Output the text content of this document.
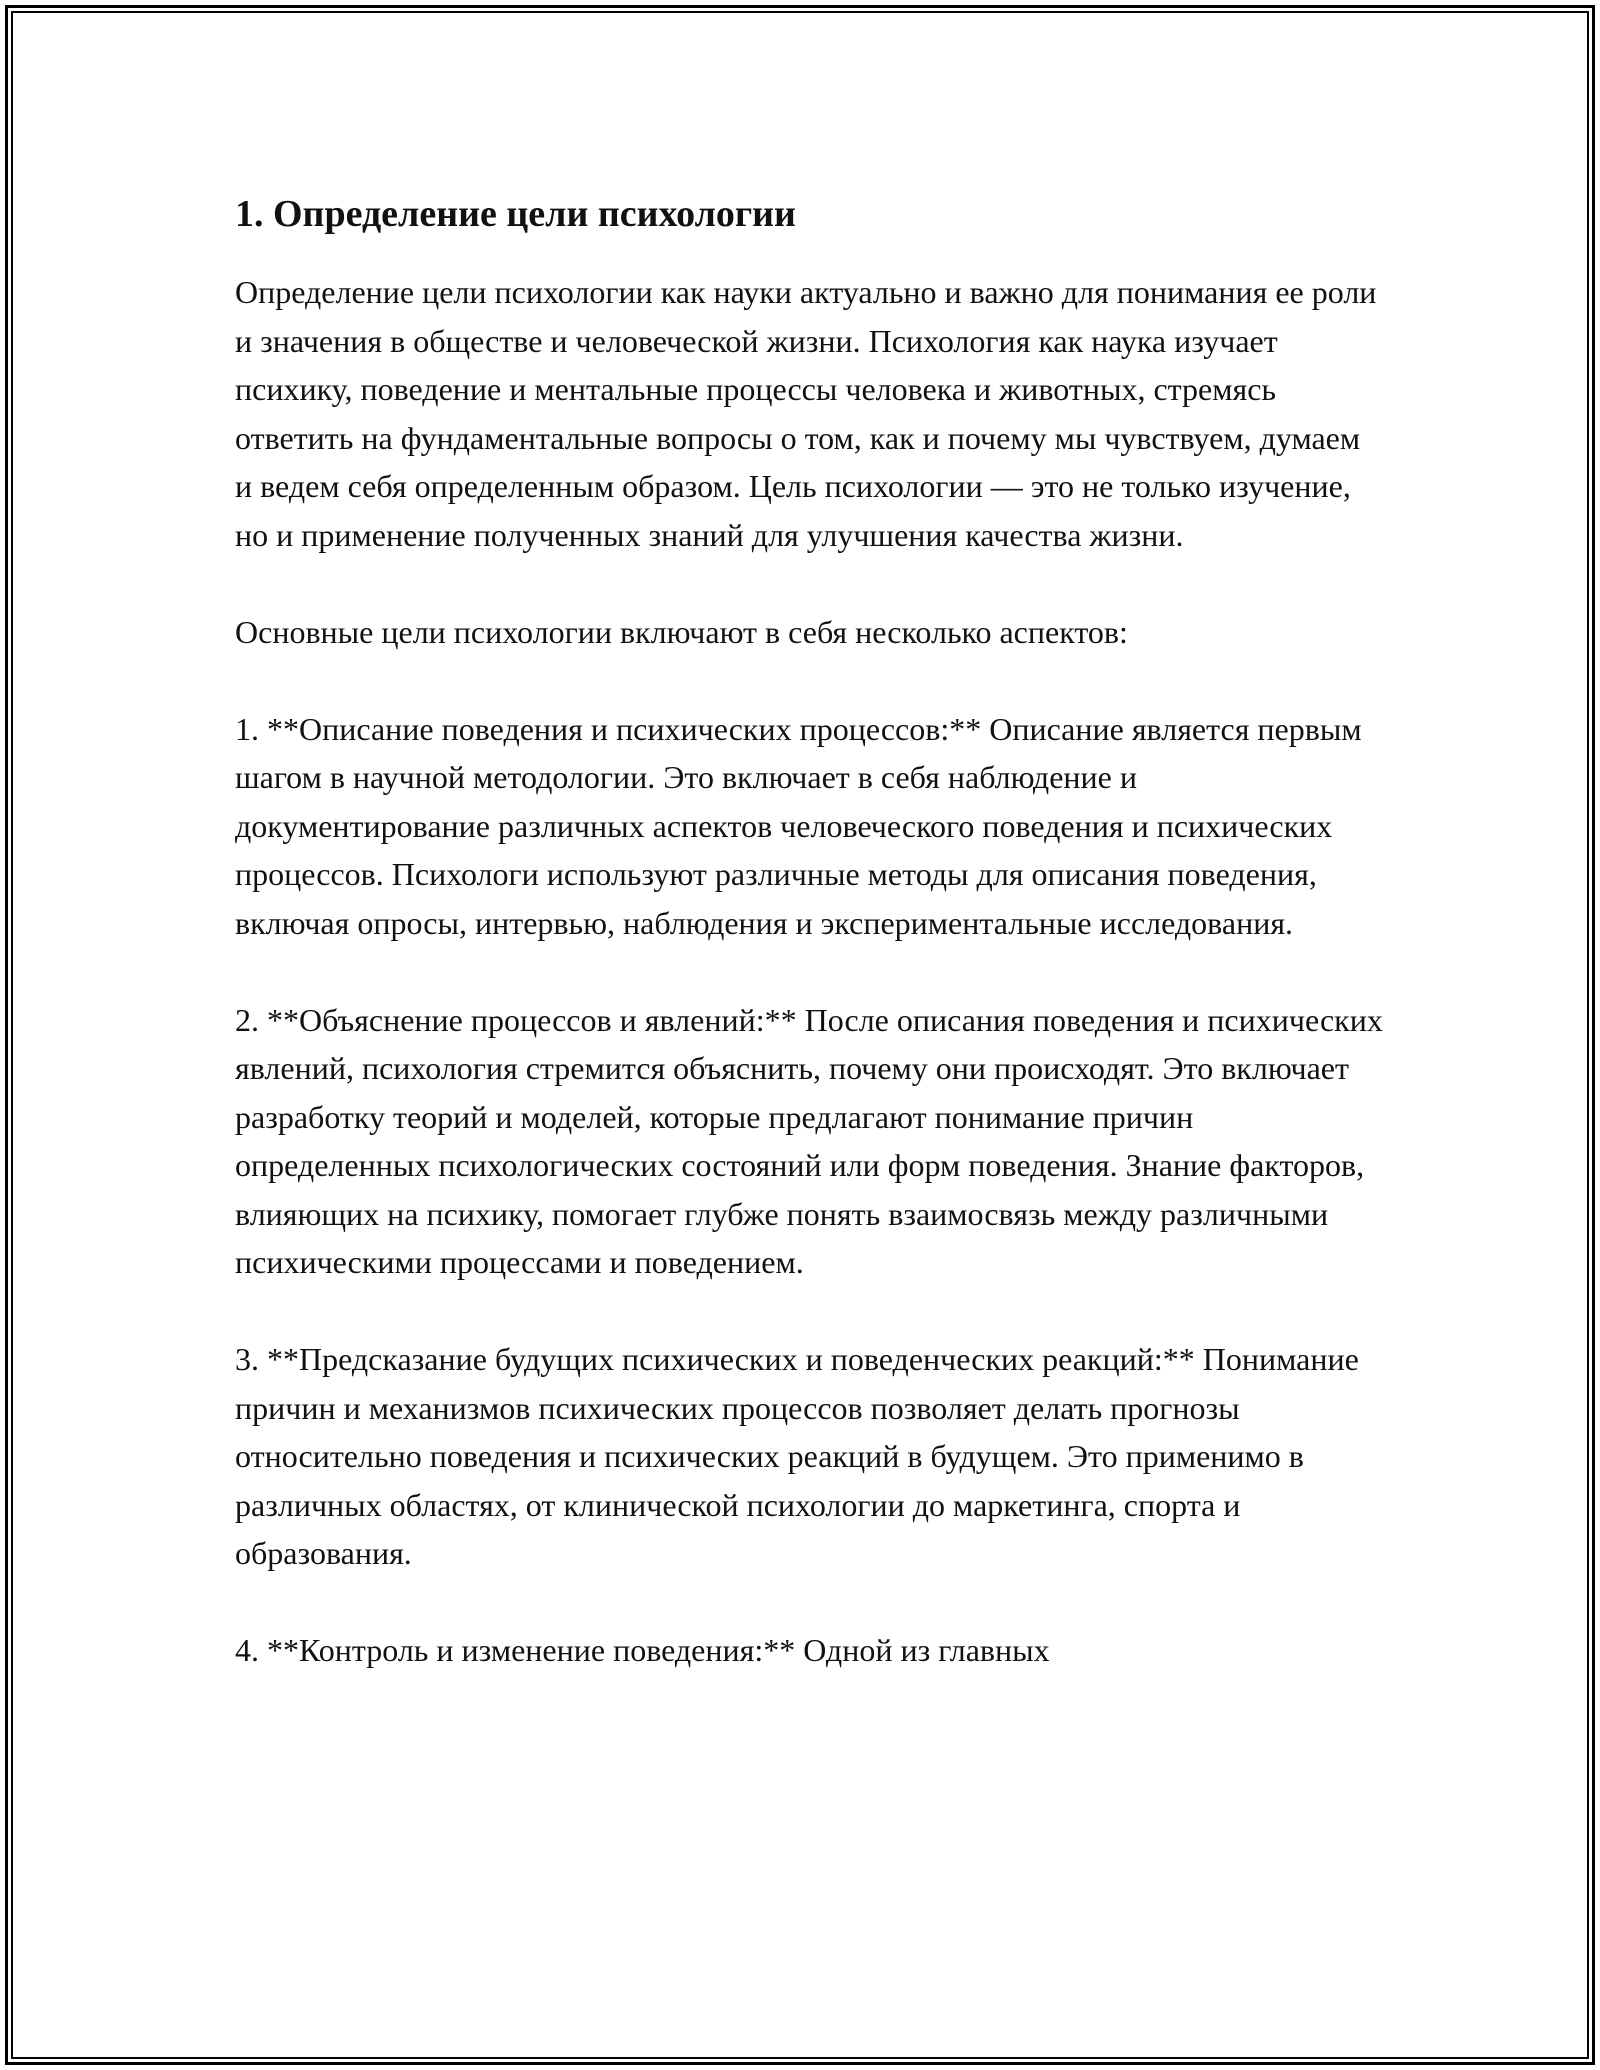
1. Определение цели психологии

Определение цели психологии как науки актуально и важно для понимания ее роли и значения в обществе и человеческой жизни. Психология как наука изучает психику, поведение и ментальные процессы человека и животных, стремясь ответить на фундаментальные вопросы о том, как и почему мы чувствуем, думаем и ведем себя определенным образом. Цель психологии — это не только изучение, но и применение полученных знаний для улучшения качества жизни.

Основные цели психологии включают в себя несколько аспектов:

1. **Описание поведения и психических процессов:** Описание является первым шагом в научной методологии. Это включает в себя наблюдение и документирование различных аспектов человеческого поведения и психических процессов. Психологи используют различные методы для описания поведения, включая опросы, интервью, наблюдения и экспериментальные исследования.

2. **Объяснение процессов и явлений:** После описания поведения и психических явлений, психология стремится объяснить, почему они происходят. Это включает разработку теорий и моделей, которые предлагают понимание причин определенных психологических состояний или форм поведения. Знание факторов, влияющих на психику, помогает глубже понять взаимосвязь между различными психическими процессами и поведением.

3. **Предсказание будущих психических и поведенческих реакций:** Понимание причин и механизмов психических процессов позволяет делать прогнозы относительно поведения и психических реакций в будущем. Это применимо в различных областях, от клинической психологии до маркетинга, спорта и образования.

4. **Контроль и изменение поведения:** Одной из главных
